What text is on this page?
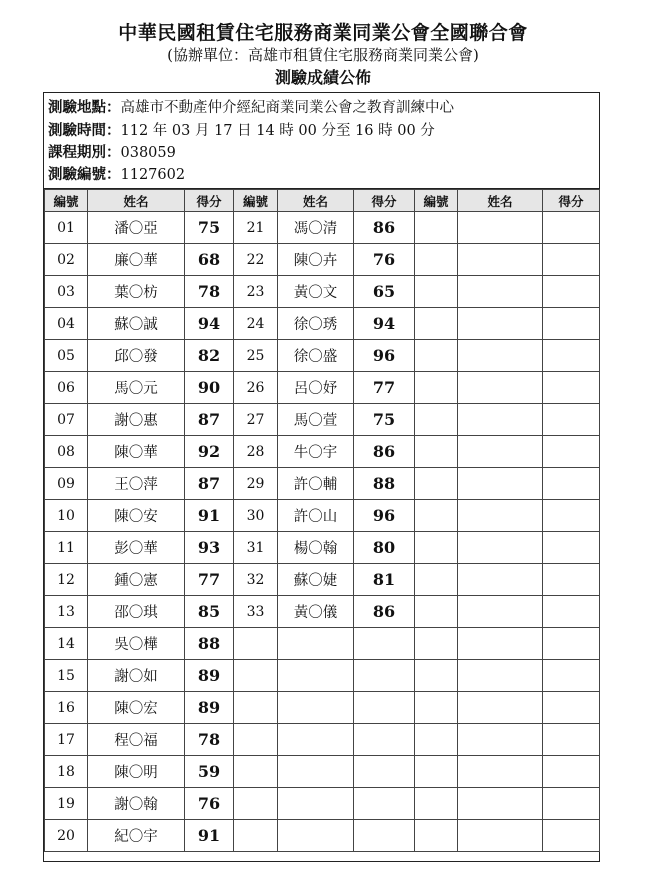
中華民國租賃住宅服務商業同業公會全國聯合會
(協辦單位：高雄市租賃住宅服務商業同業公會)
測驗成績公佈
測驗地點：高雄市不動產仲介經紀商業同業公會之教育訓練中心
測驗時間：112 年 03 月 17 日 14 時 00 分至 16 時 00 分
課程期別：038059
測驗編號：1127602
編號	姓名	得分	編號	姓名	得分	編號	姓名	得分
01	潘〇亞	75	21	馮〇清	86			
02	廉〇華	68	22	陳〇卉	76			
03	葉〇枋	78	23	黃〇文	65			
04	蘇〇誠	94	24	徐〇琇	94			
05	邱〇發	82	25	徐〇盛	96			
06	馬〇元	90	26	呂〇妤	77			
07	謝〇惠	87	27	馬〇萱	75			
08	陳〇華	92	28	牛〇宇	86			
09	王〇萍	87	29	許〇輔	88			
10	陳〇安	91	30	許〇山	96			
11	彭〇華	93	31	楊〇翰	80			
12	鍾〇憲	77	32	蘇〇婕	81			
13	邵〇琪	85	33	黃〇儀	86			
14	吳〇樺	88						
15	謝〇如	89						
16	陳〇宏	89						
17	程〇福	78						
18	陳〇明	59						
19	謝〇翰	76						
20	紀〇宇	91						
